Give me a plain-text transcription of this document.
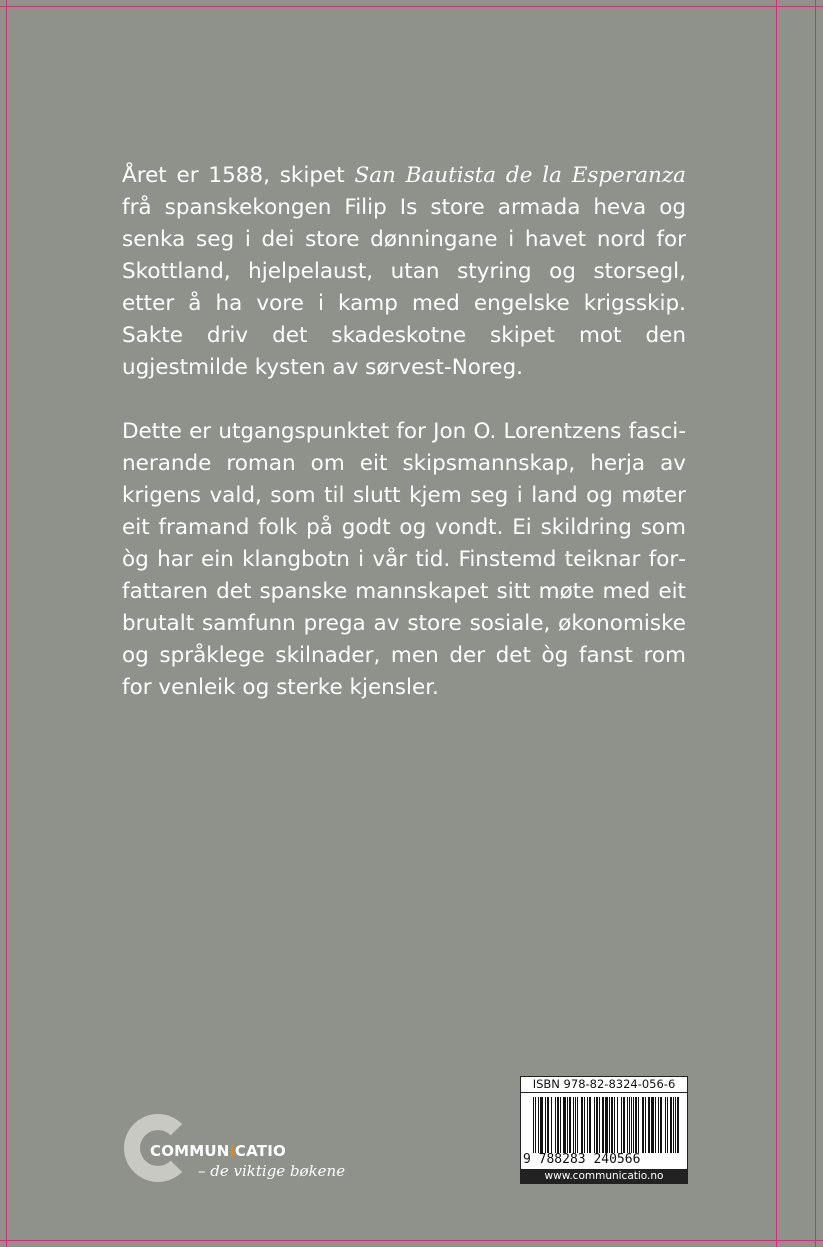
Året er 1588, skipet San Bautista de la Esperanza frå spanskekongen Filip Is store armada heva og senka seg i dei store dønningane i havet nord for Skottland, hjelpelaust, utan styring og storsegl, etter å ha vore i kamp med engelske krigsskip. Sakte driv det skadeskotne skipet mot den ugjestmilde kysten av sørvest-Noreg.

Dette er utgangspunktet for Jon O. Lorentzens fascinerande roman om eit skipsmannskap, herja av krigens vald, som til slutt kjem seg i land og møter eit framand folk på godt og vondt. Ei skildring som òg har ein klangbotn i vår tid. Finstemd teiknar forfattaren det spanske mannskapet sitt møte med eit brutalt samfunn prega av store sosiale, økonomiske og språklege skilnader, men der det òg fanst rom for venleik og sterke kjensler.

COMMUNiCATIO
– de viktige bøkene
ISBN 978-82-8324-056-6
9 788283 240566
www.communicatio.no
